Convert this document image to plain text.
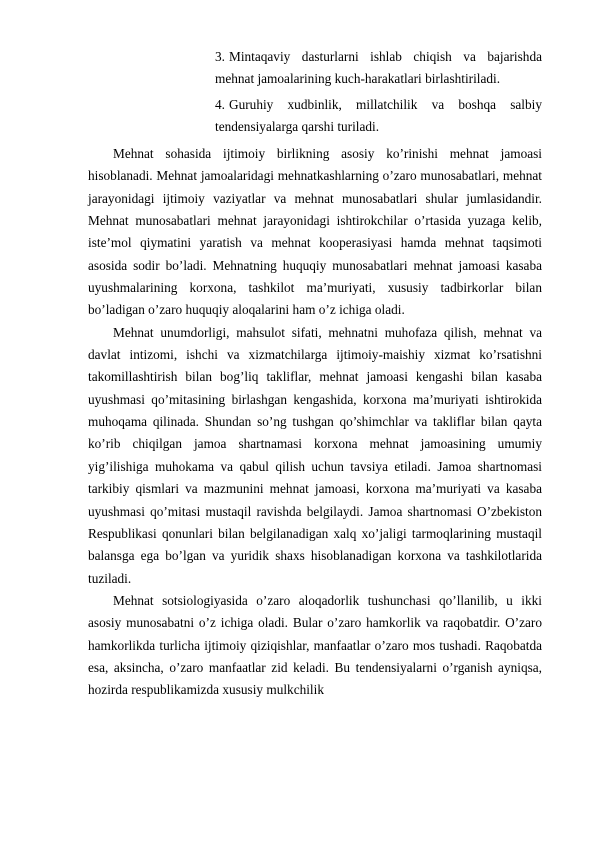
3. Mintaqaviy dasturlarni ishlab chiqish va bajarishda mehnat jamoalarining kuch-harakatlari birlashtiriladi.
4. Guruhiy xudbinlik, millatchilik va boshqa salbiy tendensiyalarga qarshi turiladi.

Mehnat sohasida ijtimoiy birlikning asosiy ko’rinishi mehnat jamoasi hisoblanadi. Mehnat jamoalaridagi mehnatkashlarning o’zaro munosabatlari, mehnat jarayonidagi ijtimoiy vaziyatlar va mehnat munosabatlari shular jumlasidandir. Mehnat munosabatlari mehnat jarayonidagi ishtirokchilar o’rtasida yuzaga kelib, iste’mol qiymatini yaratish va mehnat kooperasiyasi hamda mehnat taqsimoti asosida sodir bo’ladi. Mehnatning huquqiy munosabatlari mehnat jamoasi kasaba uyushmalarining korxona, tashkilot ma’muriyati, xususiy tadbirkorlar bilan bo’ladigan o’zaro huquqiy aloqalarini ham o’z ichiga oladi.

Mehnat unumdorligi, mahsulot sifati, mehnatni muhofaza qilish, mehnat va davlat intizomi, ishchi va xizmatchilarga ijtimoiy-maishiy xizmat ko’rsatishni takomillashtirish bilan bog’liq takliflar, mehnat jamoasi kengashi bilan kasaba uyushmasi qo’mitasining birlashgan kengashida, korxona ma’muriyati ishtirokida muhoqama qilinada. Shundan so’ng tushgan qo’shimchlar va takliflar bilan qayta ko’rib chiqilgan jamoa shartnamasi korxona mehnat jamoasining umumiy yig’ilishiga muhokama va qabul qilish uchun tavsiya etiladi. Jamoa shartnomasi tarkibiy qismlari va mazmunini mehnat jamoasi, korxona ma’muriyati va kasaba uyushmasi qo’mitasi mustaqil ravishda belgilaydi. Jamoa shartnomasi O’zbekiston Respublikasi qonunlari bilan belgilanadigan xalq xo’jaligi tarmoqlarining mustaqil balansga ega bo’lgan va yuridik shaxs hisoblanadigan korxona va tashkilotlarida tuziladi.

Mehnat sotsiologiyasida o’zaro aloqadorlik tushunchasi qo’llanilib, u ikki asosiy munosabatni o’z ichiga oladi. Bular o’zaro hamkorlik va raqobatdir. O’zaro hamkorlikda turlicha ijtimoiy qiziqishlar, manfaatlar o’zaro mos tushadi. Raqobatda esa, aksincha, o’zaro manfaatlar zid keladi. Bu tendensiyalarni o’rganish ayniqsa, hozirda respublikamizda xususiy mulkchilik
